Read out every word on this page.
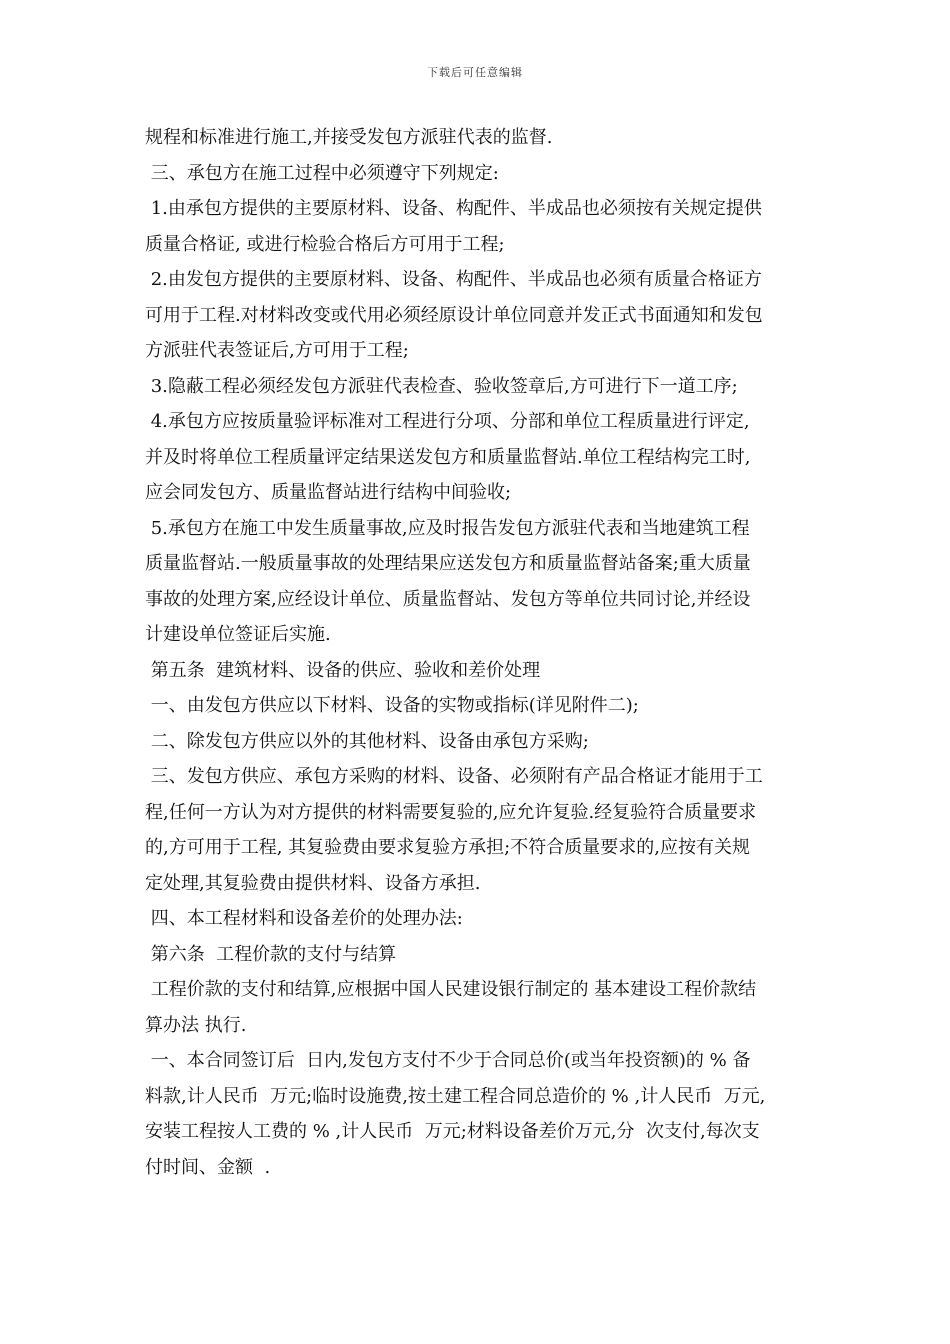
下载后可任意编辑
规程和标准进行施工,并接受发包方派驻代表的监督.
三、承包方在施工过程中必须遵守下列规定:
1.由承包方提供的主要原材料、设备、构配件、半成品也必须按有关规定提供
质量合格证, 或进行检验合格后方可用于工程;
2.由发包方提供的主要原材料、设备、构配件、半成品也必须有质量合格证方
可用于工程.对材料改变或代用必须经原设计单位同意并发正式书面通知和发包
方派驻代表签证后,方可用于工程;
3.隐蔽工程必须经发包方派驻代表检查、验收签章后,方可进行下一道工序;
4.承包方应按质量验评标准对工程进行分项、分部和单位工程质量进行评定,
并及时将单位工程质量评定结果送发包方和质量监督站.单位工程结构完工时,
应会同发包方、质量监督站进行结构中间验收;
5.承包方在施工中发生质量事故,应及时报告发包方派驻代表和当地建筑工程
质量监督站.一般质量事故的处理结果应送发包方和质量监督站备案;重大质量
事故的处理方案,应经设计单位、质量监督站、发包方等单位共同讨论,并经设
计建设单位签证后实施.
第五条  建筑材料、设备的供应、验收和差价处理
一、由发包方供应以下材料、设备的实物或指标(详见附件二);
二、除发包方供应以外的其他材料、设备由承包方采购;
三、发包方供应、承包方采购的材料、设备、必须附有产品合格证才能用于工
程,任何一方认为对方提供的材料需要复验的,应允许复验.经复验符合质量要求
的,方可用于工程, 其复验费由要求复验方承担;不符合质量要求的,应按有关规
定处理,其复验费由提供材料、设备方承担.
四、本工程材料和设备差价的处理办法:
第六条  工程价款的支付与结算
工程价款的支付和结算,应根据中国人民建设银行制定的 基本建设工程价款结
算办法 执行.
一、本合同签订后  日内,发包方支付不少于合同总价(或当年投资额)的 % 备
料款,计人民币  万元;临时设施费,按土建工程合同总造价的 % ,计人民币  万元,
安装工程按人工费的 % ,计人民币  万元;材料设备差价万元,分  次支付,每次支
付时间、金额  .
